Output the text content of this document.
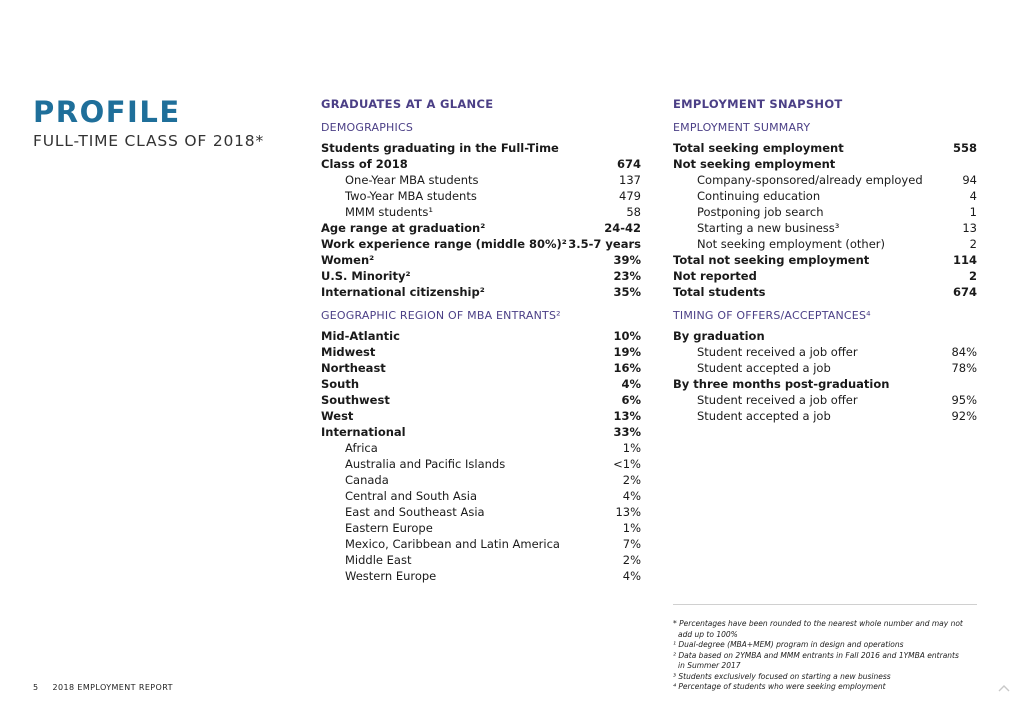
PROFILE
FULL-TIME CLASS OF 2018*
GRADUATES AT A GLANCE
DEMOGRAPHICS
Students graduating in the Full-Time
Class of 2018	674
One-Year MBA students	137
Two-Year MBA students	479
MMM students¹	58
Age range at graduation²	24-42
Work experience range (middle 80%)² 3.5-7 years
Women²	39%
U.S. Minority²	23%
International citizenship²	35%
GEOGRAPHIC REGION OF MBA ENTRANTS²
Mid-Atlantic	10%
Midwest	19%
Northeast	16%
South	4%
Southwest	6%
West	13%
International	33%
Africa	1%
Australia and Pacific Islands	<1%
Canada	2%
Central and South Asia	4%
East and Southeast Asia	13%
Eastern Europe	1%
Mexico, Caribbean and Latin America	7%
Middle East	2%
Western Europe	4%
EMPLOYMENT SNAPSHOT
EMPLOYMENT SUMMARY
Total seeking employment	558
Not seeking employment
Company-sponsored/already employed	94
Continuing education	4
Postponing job search	1
Starting a new business³	13
Not seeking employment (other)	2
Total not seeking employment	114
Not reported	2
Total students	674
TIMING OF OFFERS/ACCEPTANCES⁴
By graduation
Student received a job offer	84%
Student accepted a job	78%
By three months post-graduation
Student received a job offer	95%
Student accepted a job	92%
* Percentages have been rounded to the nearest whole number and may not
add up to 100%
¹ Dual-degree (MBA+MEM) program in design and operations
² Data based on 2YMBA and MMM entrants in Fall 2016 and 1YMBA entrants
in Summer 2017
³ Students exclusively focused on starting a new business
⁴ Percentage of students who were seeking employment
5 2018 EMPLOYMENT REPORT
